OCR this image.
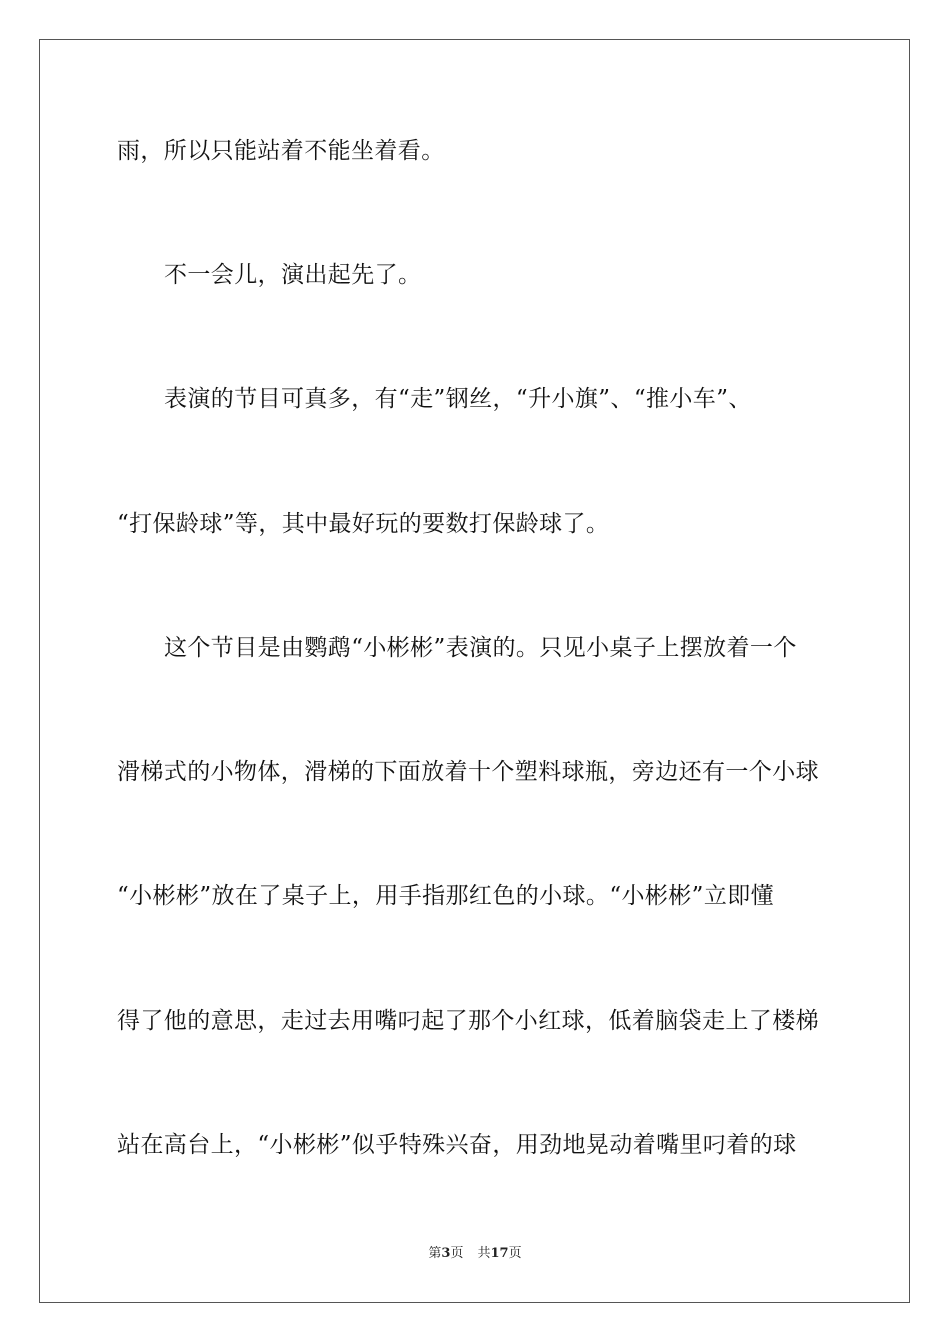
雨，所以只能站着不能坐着看。
不一会儿，演出起先了。
表演的节目可真多，有“走”钢丝，“升小旗”、“推小车”、
“打保龄球”等，其中最好玩的要数打保龄球了。
这个节目是由鹦鹉“小彬彬”表演的。只见小桌子上摆放着一个
滑梯式的小物体，滑梯的下面放着十个塑料球瓶，旁边还有一个小球
“小彬彬”放在了桌子上，用手指那红色的小球。“小彬彬”立即懂
得了他的意思，走过去用嘴叼起了那个小红球，低着脑袋走上了楼梯
站在高台上，“小彬彬”似乎特殊兴奋，用劲地晃动着嘴里叼着的球
第3页 共17页
